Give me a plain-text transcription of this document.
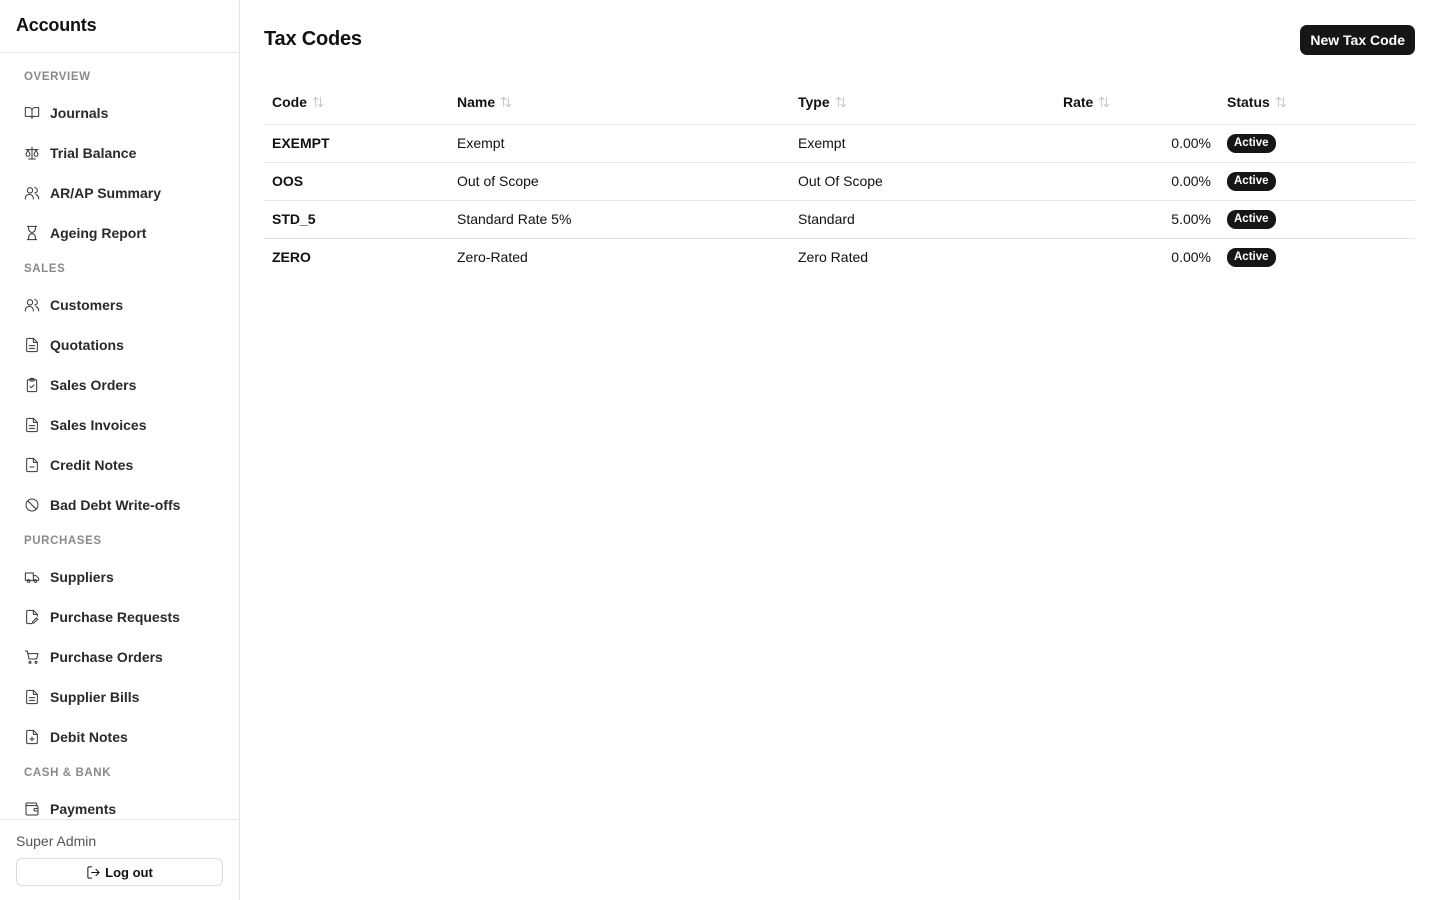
Accounts
OVERVIEW
Journals
Trial Balance
AR/AP Summary
Ageing Report
SALES
Customers
Quotations
Sales Orders
Sales Invoices
Credit Notes
Bad Debt Write-offs
PURCHASES
Suppliers
Purchase Requests
Purchase Orders
Supplier Bills
Debit Notes
CASH & BANK
Payments
Super Admin
Log out
Tax Codes	New Tax Code
Code	Name	Type	Rate	Status

EXEMPT	Exempt	Exempt	0.00%	Active
OOS	Out of Scope	Out Of Scope	0.00%	Active
STD_5	Standard Rate 5%	Standard	5.00%	Active
ZERO	Zero-Rated	Zero Rated	0.00%	Active
